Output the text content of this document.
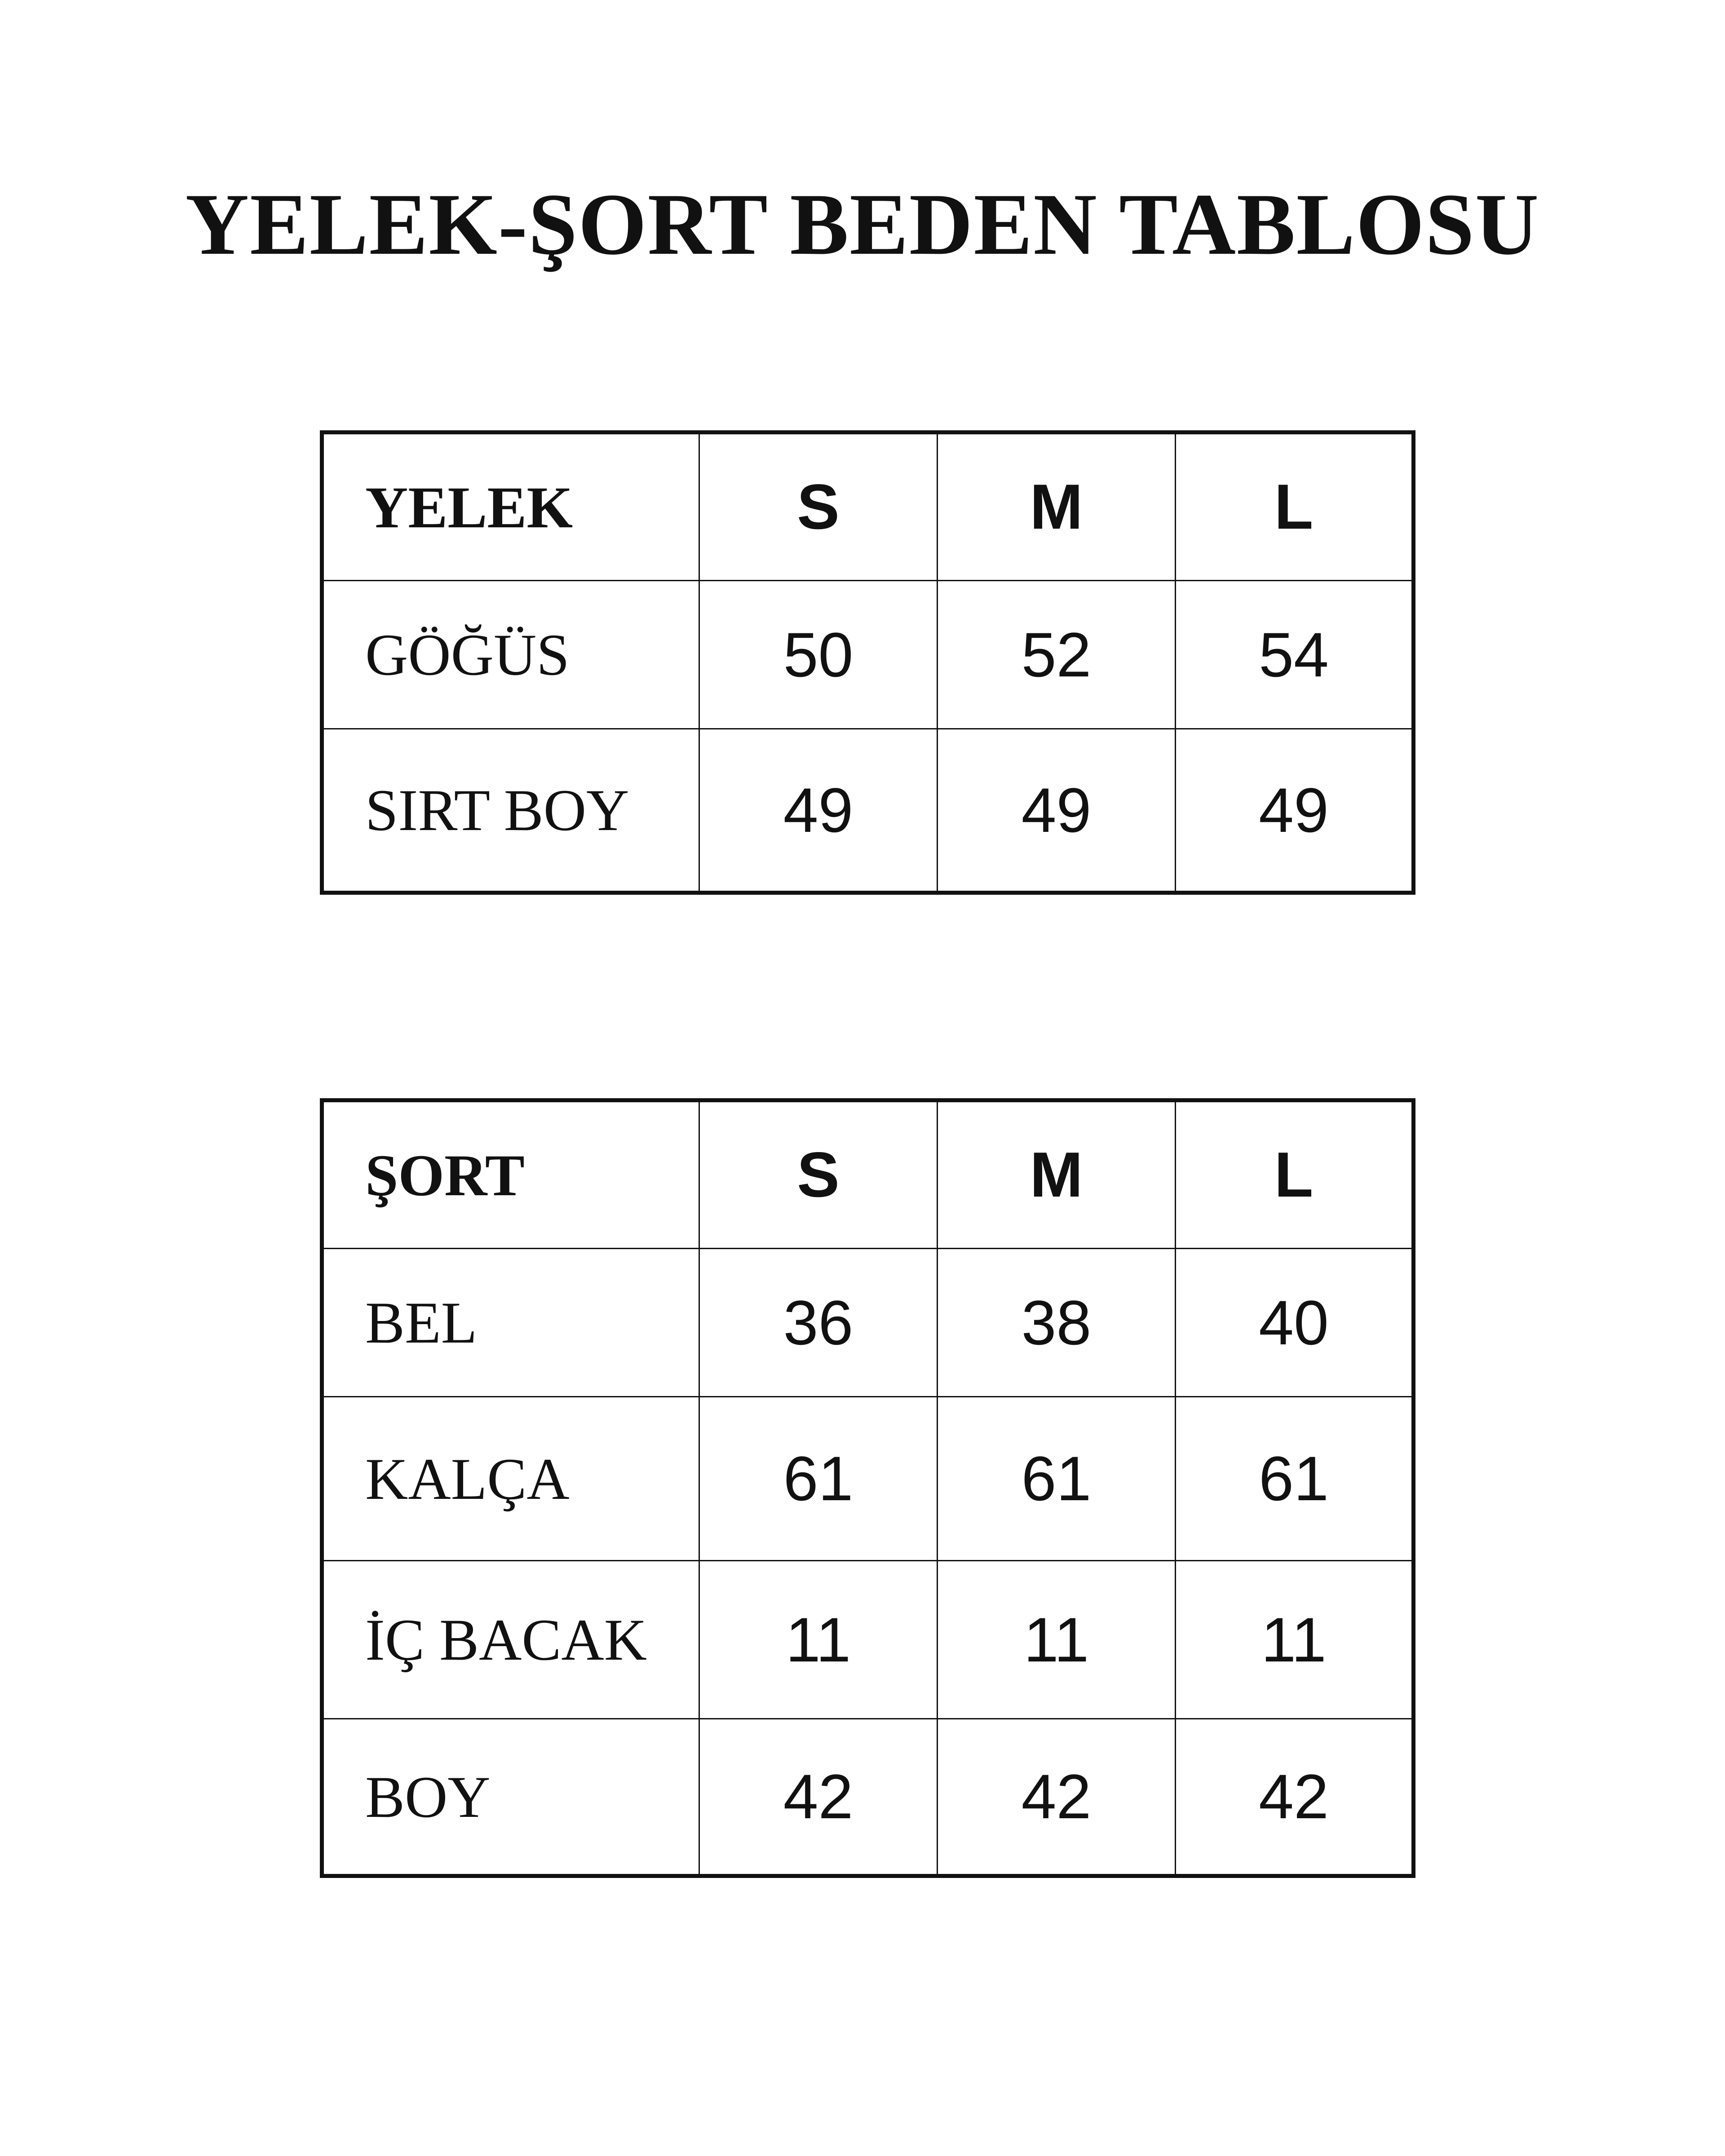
YELEK-ŞORT BEDEN TABLOSU
YELEK	S	M	L
GÖĞÜS	50	52	54
SIRT BOY	49	49	49
ŞORT	S	M	L
BEL	36	38	40
KALÇA	61	61	61
İÇ BACAK	11	11	11
BOY	42	42	42
